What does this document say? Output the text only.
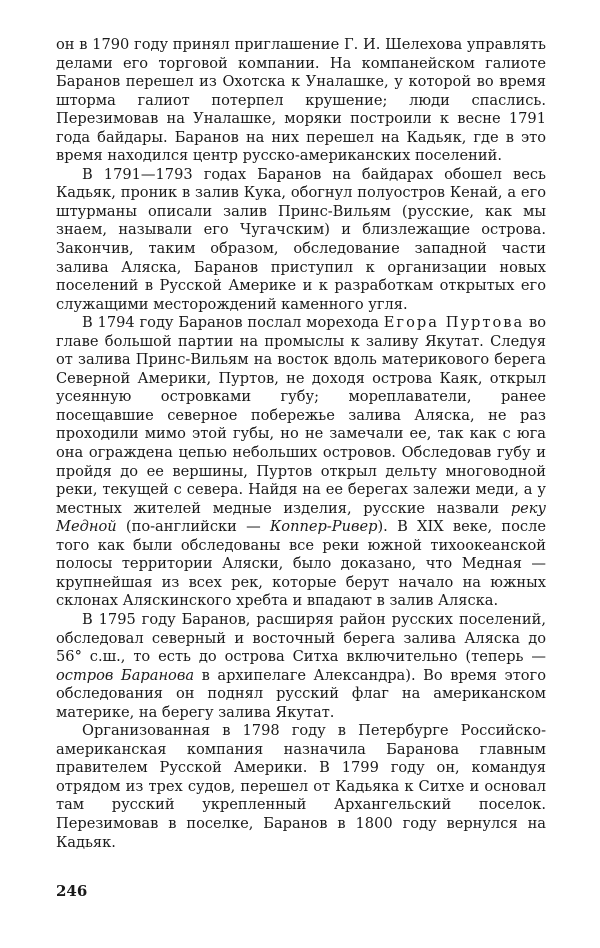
он в 1790 году принял приглашение Г. И. Шелехова управлять делами его торговой компании. На компанейском галиоте Баранов перешел из Охотска к Уналашке, у которой во время шторма галиот потерпел крушение; люди спаслись. Перезимовав на Уналашке, моряки построили к весне 1791 года байдары. Баранов на них перешел на Кадьяк, где в это время находился центр русско-американских поселений.

В 1791—1793 годах Баранов на байдарах обошел весь Кадьяк, проник в залив Кука, обогнул полуостров Кенай, а его штурманы описали залив Принс-Вильям (русские, как мы знаем, называли его Чугачским) и близлежащие острова. Закончив, таким образом, обследование западной части залива Аляска, Баранов приступил к организации новых поселений в Русской Америке и к разработкам открытых его служащими месторождений каменного угля.

В 1794 году Баранов послал морехода Егора Пуртова во главе большой партии на промыслы к заливу Якутат. Следуя от залива Принс-Вильям на восток вдоль материкового берега Северной Америки, Пуртов, не доходя острова Каяк, открыл усеянную островками губу; мореплаватели, ранее посещавшие северное побережье залива Аляска, не раз проходили мимо этой губы, но не замечали ее, так как с юга она ограждена цепью небольших островов. Обследовав губу и пройдя до ее вершины, Пуртов открыл дельту многоводной реки, текущей с севера. Найдя на ее берегах залежи меди, а у местных жителей медные изделия, русские назвали реку Медной (по-английски — Коппер-Ривер). В XIX веке, после того как были обследованы все реки южной тихоокеанской полосы территории Аляски, было доказано, что Медная — крупнейшая из всех рек, которые берут начало на южных склонах Аляскинского хребта и впадают в залив Аляска.

В 1795 году Баранов, расширяя район русских поселений, обследовал северный и восточный берега залива Аляска до 56° с.ш., то есть до острова Ситха включительно (теперь — остров Баранова в архипелаге Александра). Во время этого обследования он поднял русский флаг на американском материке, на берегу залива Якутат.

Организованная в 1798 году в Петербурге Российско-американская компания назначила Баранова главным правителем Русской Америки. В 1799 году он, командуя отрядом из трех судов, перешел от Кадьяка к Ситхе и основал там русский укрепленный Архангельский поселок. Перезимовав в поселке, Баранов в 1800 году вернулся на Кадьяк.

246
